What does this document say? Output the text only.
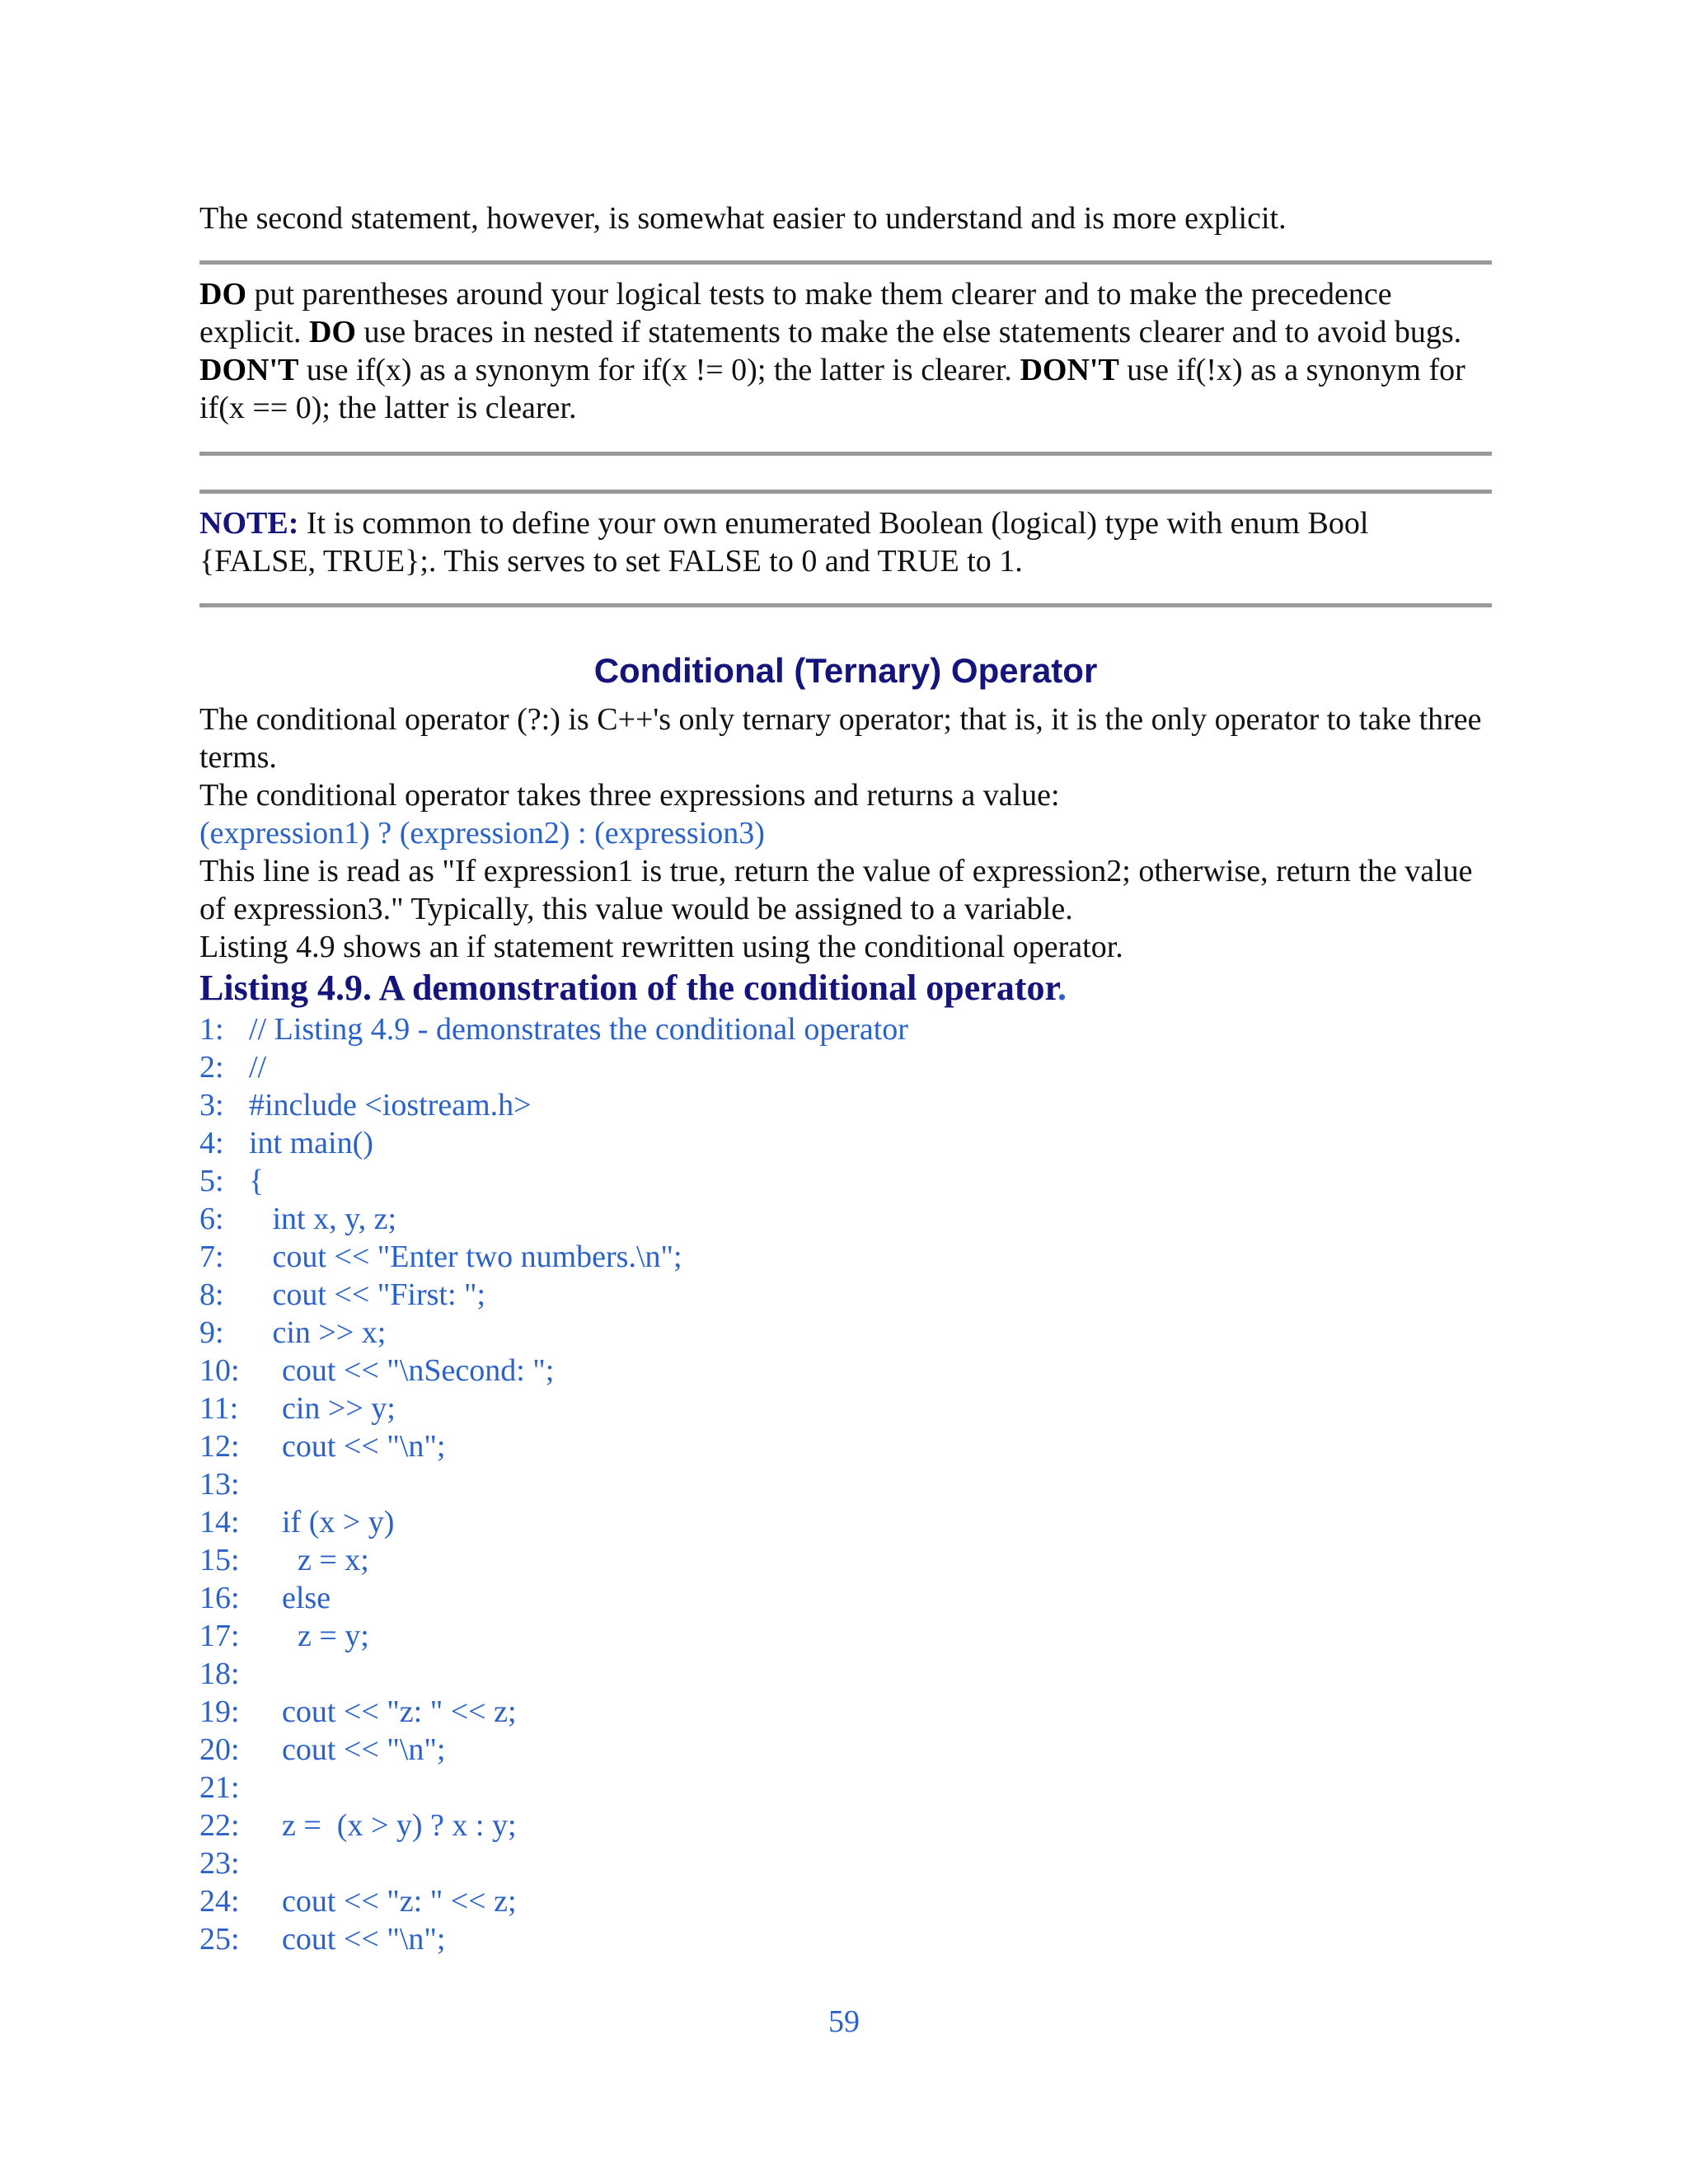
The second statement, however, is somewhat easier to understand and is more explicit.

DO put parentheses around your logical tests to make them clearer and to make the precedence explicit. DO use braces in nested if statements to make the else statements clearer and to avoid bugs. DON'T use if(x) as a synonym for if(x != 0); the latter is clearer. DON'T use if(!x) as a synonym for if(x == 0); the latter is clearer.

NOTE: It is common to define your own enumerated Boolean (logical) type with enum Bool {FALSE, TRUE};. This serves to set FALSE to 0 and TRUE to 1.

Conditional (Ternary) Operator

The conditional operator (?:) is C++'s only ternary operator; that is, it is the only operator to take three terms.

The conditional operator takes three expressions and returns a value:

(expression1) ? (expression2) : (expression3)

This line is read as "If expression1 is true, return the value of expression2; otherwise, return the value of expression3." Typically, this value would be assigned to a variable.

Listing 4.9 shows an if statement rewritten using the conditional operator.

Listing 4.9. A demonstration of the conditional operator.

1: // Listing 4.9 - demonstrates the conditional operator
2: //
3: #include <iostream.h>
4: int main()
5: {
6: int x, y, z;
7: cout << "Enter two numbers.\n";
8: cout << "First: ";
9: cin >> x;
10:	cout << "\nSecond: ";
11:	cin >> y;
12:	cout << "\n";
13:
14:	if (x > y)
15:	z = x;
16:	else
17:	z = y;
18:
19:	cout << "z: " << z;
20:	cout << "\n";
21:
22:	z =  (x > y) ? x : y;
23:
24:	cout << "z: " << z;
25:	cout << "\n";
59
